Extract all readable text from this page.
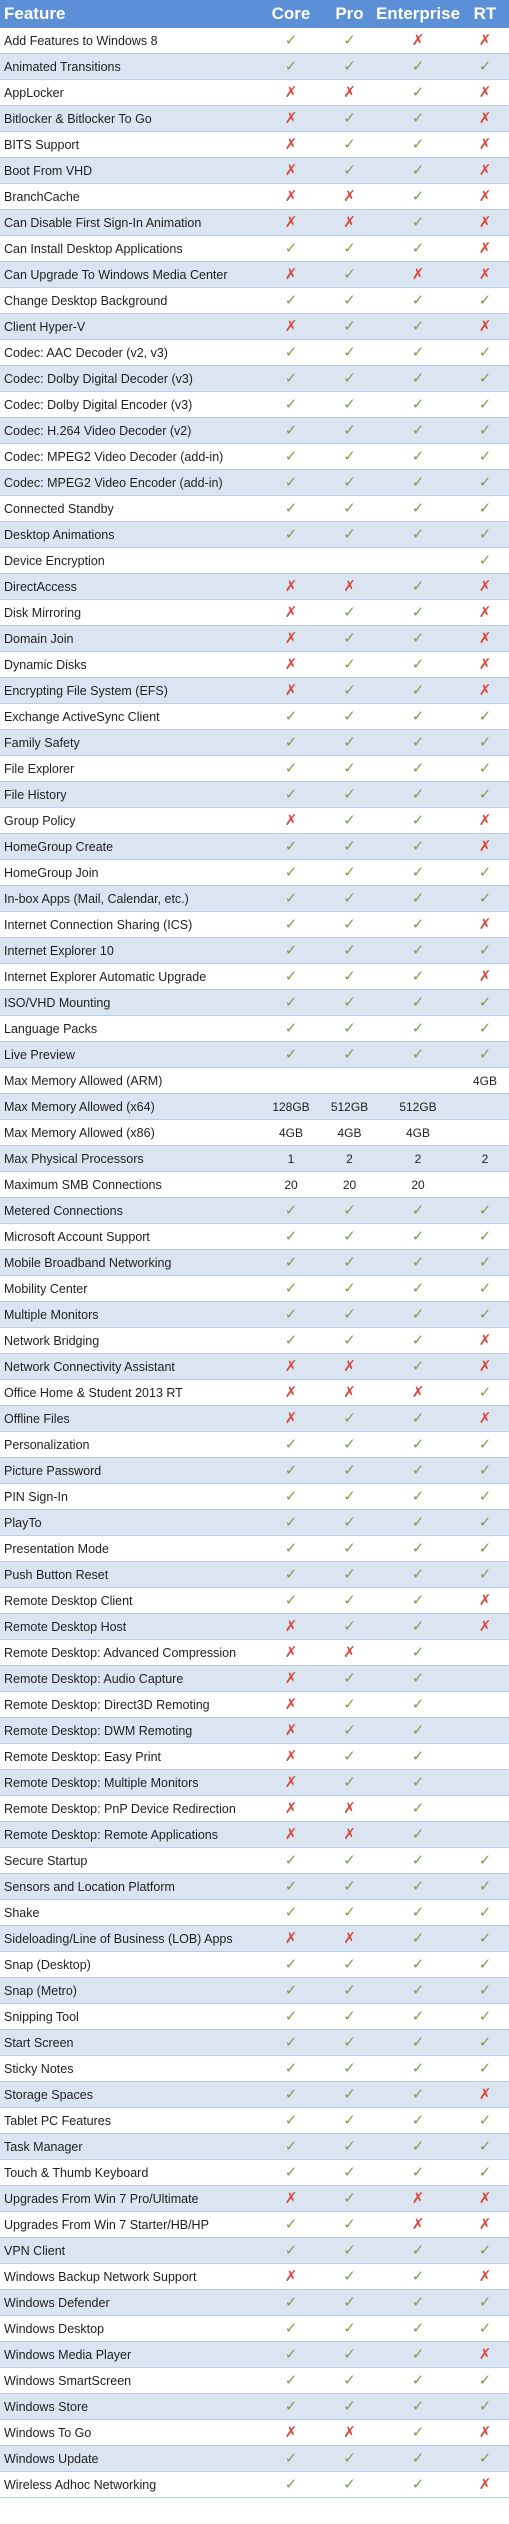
Feature	Core	Pro	Enterprise	RT
Add Features to Windows 8	✓	✓	✗	✗
Animated Transitions	✓	✓	✓	✓
AppLocker	✗	✗	✓	✗
Bitlocker & Bitlocker To Go	✗	✓	✓	✗
BITS Support	✗	✓	✓	✗
Boot From VHD	✗	✓	✓	✗
BranchCache	✗	✗	✓	✗
Can Disable First Sign-In Animation	✗	✗	✓	✗
Can Install Desktop Applications	✓	✓	✓	✗
Can Upgrade To Windows Media Center	✗	✓	✗	✗
Change Desktop Background	✓	✓	✓	✓
Client Hyper-V	✗	✓	✓	✗
Codec: AAC Decoder (v2, v3)	✓	✓	✓	✓
Codec: Dolby Digital Decoder (v3)	✓	✓	✓	✓
Codec: Dolby Digital Encoder (v3)	✓	✓	✓	✓
Codec: H.264 Video Decoder (v2)	✓	✓	✓	✓
Codec: MPEG2 Video Decoder (add-in)	✓	✓	✓	✓
Codec: MPEG2 Video Encoder (add-in)	✓	✓	✓	✓
Connected Standby	✓	✓	✓	✓
Desktop Animations	✓	✓	✓	✓
Device Encryption				✓
DirectAccess	✗	✗	✓	✗
Disk Mirroring	✗	✓	✓	✗
Domain Join	✗	✓	✓	✗
Dynamic Disks	✗	✓	✓	✗
Encrypting File System (EFS)	✗	✓	✓	✗
Exchange ActiveSync Client	✓	✓	✓	✓
Family Safety	✓	✓	✓	✓
File Explorer	✓	✓	✓	✓
File History	✓	✓	✓	✓
Group Policy	✗	✓	✓	✗
HomeGroup Create	✓	✓	✓	✗
HomeGroup Join	✓	✓	✓	✓
In-box Apps (Mail, Calendar, etc.)	✓	✓	✓	✓
Internet Connection Sharing (ICS)	✓	✓	✓	✗
Internet Explorer 10	✓	✓	✓	✓
Internet Explorer Automatic Upgrade	✓	✓	✓	✗
ISO/VHD Mounting	✓	✓	✓	✓
Language Packs	✓	✓	✓	✓
Live Preview	✓	✓	✓	✓
Max Memory Allowed (ARM)				4GB
Max Memory Allowed (x64)	128GB	512GB	512GB	
Max Memory Allowed (x86)	4GB	4GB	4GB	
Max Physical Processors	1	2	2	2
Maximum SMB Connections	20	20	20	
Metered Connections	✓	✓	✓	✓
Microsoft Account Support	✓	✓	✓	✓
Mobile Broadband Networking	✓	✓	✓	✓
Mobility Center	✓	✓	✓	✓
Multiple Monitors	✓	✓	✓	✓
Network Bridging	✓	✓	✓	✗
Network Connectivity Assistant	✗	✗	✓	✗
Office Home & Student 2013 RT	✗	✗	✗	✓
Offline Files	✗	✓	✓	✗
Personalization	✓	✓	✓	✓
Picture Password	✓	✓	✓	✓
PIN Sign-In	✓	✓	✓	✓
PlayTo	✓	✓	✓	✓
Presentation Mode	✓	✓	✓	✓
Push Button Reset	✓	✓	✓	✓
Remote Desktop Client	✓	✓	✓	✗
Remote Desktop Host	✗	✓	✓	✗
Remote Desktop: Advanced Compression	✗	✗	✓	
Remote Desktop: Audio Capture	✗	✓	✓	
Remote Desktop: Direct3D Remoting	✗	✓	✓	
Remote Desktop: DWM Remoting	✗	✓	✓	
Remote Desktop: Easy Print	✗	✓	✓	
Remote Desktop: Multiple Monitors	✗	✓	✓	
Remote Desktop: PnP Device Redirection	✗	✗	✓	
Remote Desktop: Remote Applications	✗	✗	✓	
Secure Startup	✓	✓	✓	✓
Sensors and Location Platform	✓	✓	✓	✓
Shake	✓	✓	✓	✓
Sideloading/Line of Business (LOB) Apps	✗	✗	✓	✓
Snap (Desktop)	✓	✓	✓	✓
Snap (Metro)	✓	✓	✓	✓
Snipping Tool	✓	✓	✓	✓
Start Screen	✓	✓	✓	✓
Sticky Notes	✓	✓	✓	✓
Storage Spaces	✓	✓	✓	✗
Tablet PC Features	✓	✓	✓	✓
Task Manager	✓	✓	✓	✓
Touch & Thumb Keyboard	✓	✓	✓	✓
Upgrades From Win 7 Pro/Ultimate	✗	✓	✗	✗
Upgrades From Win 7 Starter/HB/HP	✓	✓	✗	✗
VPN Client	✓	✓	✓	✓
Windows Backup Network Support	✗	✓	✓	✗
Windows Defender	✓	✓	✓	✓
Windows Desktop	✓	✓	✓	✓
Windows Media Player	✓	✓	✓	✗
Windows SmartScreen	✓	✓	✓	✓
Windows Store	✓	✓	✓	✓
Windows To Go	✗	✗	✓	✗
Windows Update	✓	✓	✓	✓
Wireless Adhoc Networking	✓	✓	✓	✗
